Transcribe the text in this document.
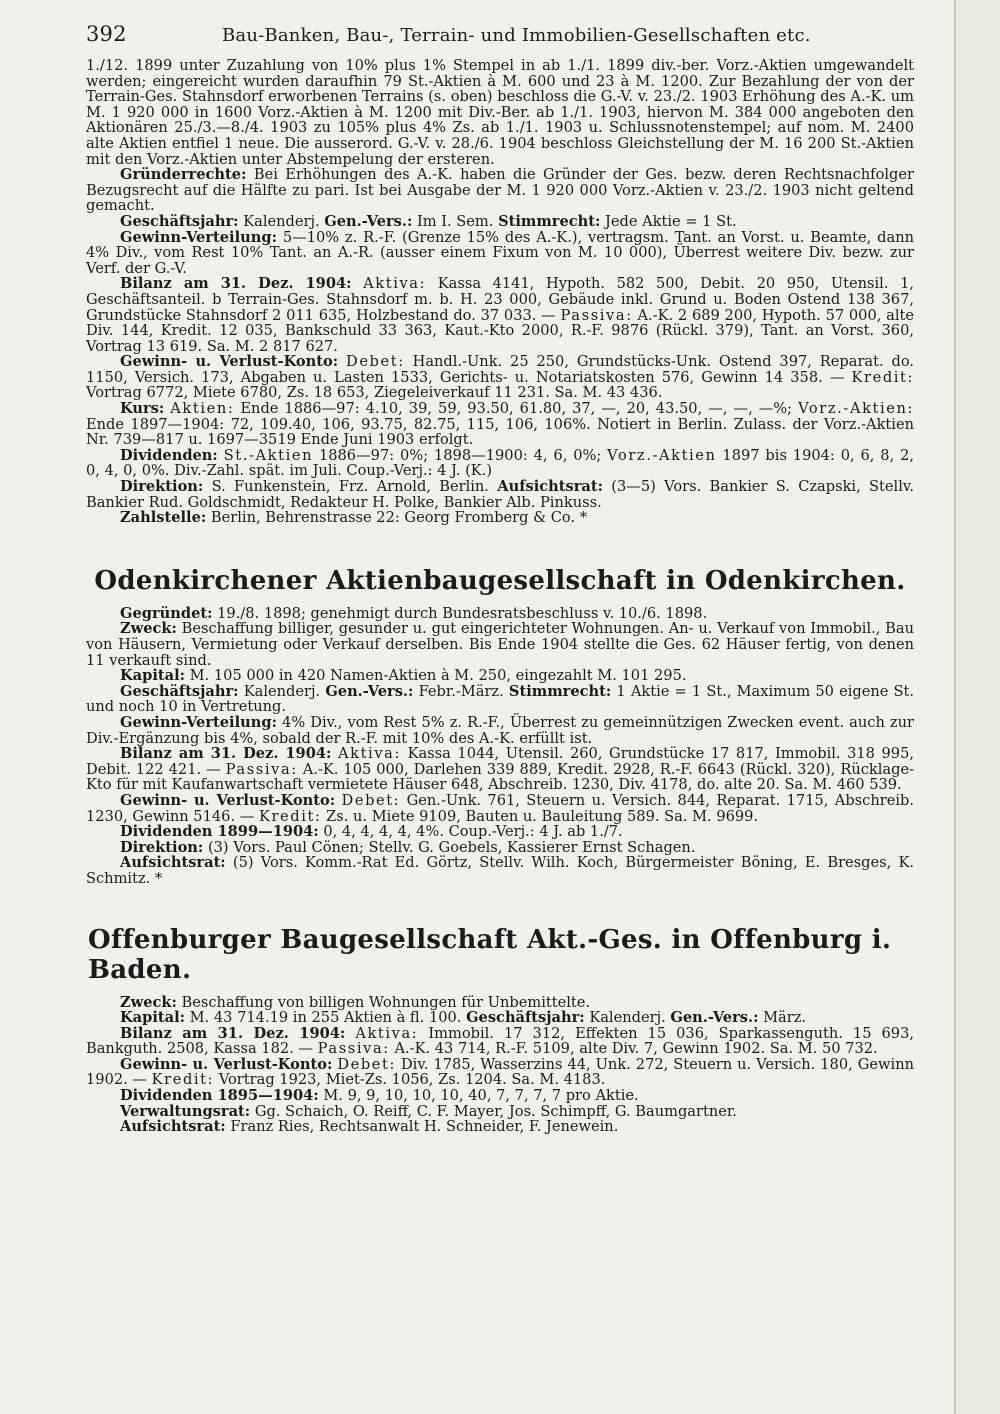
392	Bau-Banken, Bau-, Terrain- und Immobilien-Gesellschaften etc.

1./12. 1899 unter Zuzahlung von 10% plus 1% Stempel in ab 1./1. 1899 div.-ber. Vorz.-Aktien umgewandelt werden; eingereicht wurden daraufhin 79 St.-Aktien à M. 600 und 23 à M. 1200. Zur Bezahlung der von der Terrain-Ges. Stahnsdorf erworbenen Terrains (s. oben) beschloss die G.-V. v. 23./2. 1903 Erhöhung des A.-K. um M. 1 920 000 in 1600 Vorz.-Aktien à M. 1200 mit Div.-Ber. ab 1./1. 1903, hiervon M. 384 000 angeboten den Aktionären 25./3.—8./4. 1903 zu 105% plus 4% Zs. ab 1./1. 1903 u. Schlussnotenstempel; auf nom. M. 2400 alte Aktien entfiel 1 neue. Die ausserord. G.-V. v. 28./6. 1904 beschloss Gleichstellung der M. 16 200 St.-Aktien mit den Vorz.-Aktien unter Abstempelung der ersteren.

Gründerrechte: Bei Erhöhungen des A.-K. haben die Gründer der Ges. bezw. deren Rechtsnachfolger Bezugsrecht auf die Hälfte zu pari. Ist bei Ausgabe der M. 1 920 000 Vorz.-Aktien v. 23./2. 1903 nicht geltend gemacht.

Geschäftsjahr: Kalenderj. Gen.-Vers.: Im I. Sem. Stimmrecht: Jede Aktie = 1 St.

Gewinn-Verteilung: 5—10% z. R.-F. (Grenze 15% des A.-K.), vertragsm. Tant. an Vorst. u. Beamte, dann 4% Div., vom Rest 10% Tant. an A.-R. (ausser einem Fixum von M. 10 000), Überrest weitere Div. bezw. zur Verf. der G.-V.

Bilanz am 31. Dez. 1904: Aktiva: Kassa 4141, Hypoth. 582 500, Debit. 20 950, Utensil. 1, Geschäftsanteil. b Terrain-Ges. Stahnsdorf m. b. H. 23 000, Gebäude inkl. Grund u. Boden Ostend 138 367, Grundstücke Stahnsdorf 2 011 635, Holzbestand do. 37 033. — Passiva: A.-K. 2 689 200, Hypoth. 57 000, alte Div. 144, Kredit. 12 035, Bankschuld 33 363, Kaut.-Kto 2000, R.-F. 9876 (Rückl. 379), Tant. an Vorst. 360, Vortrag 13 619. Sa. M. 2 817 627.

Gewinn- u. Verlust-Konto: Debet: Handl.-Unk. 25 250, Grundstücks-Unk. Ostend 397, Reparat. do. 1150, Versich. 173, Abgaben u. Lasten 1533, Gerichts- u. Notariatskosten 576, Gewinn 14 358. — Kredit: Vortrag 6772, Miete 6780, Zs. 18 653, Ziegeleiverkauf 11 231. Sa. M. 43 436.

Kurs: Aktien: Ende 1886—97: 4.10, 39, 59, 93.50, 61.80, 37, —, 20, 43.50, —, —, —%; Vorz.-Aktien: Ende 1897—1904: 72, 109.40, 106, 93.75, 82.75, 115, 106, 106%. Notiert in Berlin. Zulass. der Vorz.-Aktien Nr. 739—817 u. 1697—3519 Ende Juni 1903 erfolgt.

Dividenden: St.-Aktien 1886—97: 0%; 1898—1900: 4, 6, 0%; Vorz.-Aktien 1897 bis 1904: 0, 6, 8, 2, 0, 4, 0, 0%. Div.-Zahl. spät. im Juli. Coup.-Verj.: 4 J. (K.)

Direktion: S. Funkenstein, Frz. Arnold, Berlin. Aufsichtsrat: (3—5) Vors. Bankier S. Czapski, Stellv. Bankier Rud. Goldschmidt, Redakteur H. Polke, Bankier Alb. Pinkuss.

Zahlstelle: Berlin, Behrenstrasse 22: Georg Fromberg & Co. *

Odenkirchener Aktienbaugesellschaft in Odenkirchen.

Gegründet: 19./8. 1898; genehmigt durch Bundesratsbeschluss v. 10./6. 1898.

Zweck: Beschaffung billiger, gesunder u. gut eingerichteter Wohnungen. An- u. Verkauf von Immobil., Bau von Häusern, Vermietung oder Verkauf derselben. Bis Ende 1904 stellte die Ges. 62 Häuser fertig, von denen 11 verkauft sind.

Kapital: M. 105 000 in 420 Namen-Aktien à M. 250, eingezahlt M. 101 295.

Geschäftsjahr: Kalenderj. Gen.-Vers.: Febr.-März. Stimmrecht: 1 Aktie = 1 St., Maximum 50 eigene St. und noch 10 in Vertretung.

Gewinn-Verteilung: 4% Div., vom Rest 5% z. R.-F., Überrest zu gemeinnützigen Zwecken event. auch zur Div.-Ergänzung bis 4%, sobald der R.-F. mit 10% des A.-K. erfüllt ist.

Bilanz am 31. Dez. 1904: Aktiva: Kassa 1044, Utensil. 260, Grundstücke 17 817, Immobil. 318 995, Debit. 122 421. — Passiva: A.-K. 105 000, Darlehen 339 889, Kredit. 2928, R.-F. 6643 (Rückl. 320), Rücklage-Kto für mit Kaufanwartschaft vermietete Häuser 648, Abschreib. 1230, Div. 4178, do. alte 20. Sa. M. 460 539.

Gewinn- u. Verlust-Konto: Debet: Gen.-Unk. 761, Steuern u. Versich. 844, Reparat. 1715, Abschreib. 1230, Gewinn 5146. — Kredit: Zs. u. Miete 9109, Bauten u. Bauleitung 589. Sa. M. 9699.

Dividenden 1899—1904: 0, 4, 4, 4, 4, 4%. Coup.-Verj.: 4 J. ab 1./7.

Direktion: (3) Vors. Paul Cönen; Stellv. G. Goebels, Kassierer Ernst Schagen.

Aufsichtsrat: (5) Vors. Komm.-Rat Ed. Görtz, Stellv. Wilh. Koch, Bürgermeister Böning, E. Bresges, K. Schmitz. *

Offenburger Baugesellschaft Akt.-Ges. in Offenburg i. Baden.

Zweck: Beschaffung von billigen Wohnungen für Unbemittelte.

Kapital: M. 43 714.19 in 255 Aktien à fl. 100. Geschäftsjahr: Kalenderj. Gen.-Vers.: März.

Bilanz am 31. Dez. 1904: Aktiva: Immobil. 17 312, Effekten 15 036, Sparkassenguth. 15 693, Bankguth. 2508, Kassa 182. — Passiva: A.-K. 43 714, R.-F. 5109, alte Div. 7, Gewinn 1902. Sa. M. 50 732.

Gewinn- u. Verlust-Konto: Debet: Div. 1785, Wasserzins 44, Unk. 272, Steuern u. Versich. 180, Gewinn 1902. — Kredit: Vortrag 1923, Miet-Zs. 1056, Zs. 1204. Sa. M. 4183.

Dividenden 1895—1904: M. 9, 9, 10, 10, 10, 40, 7, 7, 7, 7 pro Aktie.

Verwaltungsrat: Gg. Schaich, O. Reiff, C. F. Mayer, Jos. Schimpff, G. Baumgartner.

Aufsichtsrat: Franz Ries, Rechtsanwalt H. Schneider, F. Jenewein.
